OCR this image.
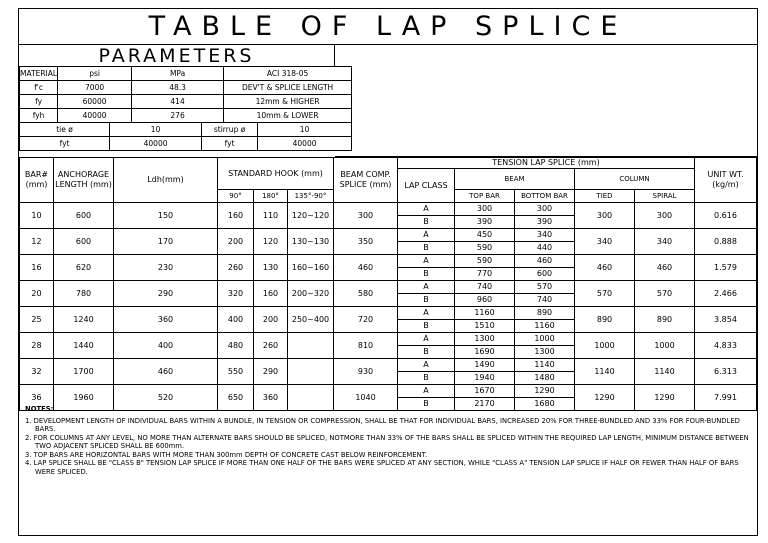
TABLE OF LAP SPLICE
PARAMETERS
MATERIAL	psi		MPa		ACI 318-05	
f'c	7000		48.3		DEV'T & SPLICE LENGTH	
fy	60000		414		12mm & HIGHER	
fyh	40000		276		10mm & LOWER	
tie ø		10		stirrup ø		10
fyt		40000		fyt		40000
BAR# (mm)	ANCHORAGE LENGTH (mm)	Ldh(mm)	STANDARD HOOK (mm)			BEAM COMP. SPLICE (mm)	TENSION LAP SPLICE (mm)					UNIT WT. (kg/m)
							LAP CLASS	BEAM		COLUMN		
			90°	180°	135°-90°			TOP BAR	BOTTOM BAR	TIED	SPIRAL	
10	600	150	160	110	120~120	300	A	300	300	300	300	0.616
							B	390	390			
12	600	170	200	120	130~130	350	A	450	340	340	340	0.888
							B	590	440			
16	620	230	260	130	160~160	460	A	590	460	460	460	1.579
							B	770	600			
20	780	290	320	160	200~320	580	A	740	570	570	570	2.466
							B	960	740			
25	1240	360	400	200	250~400	720	A	1160	890	890	890	3.854
							B	1510	1160			
28	1440	400	480	260		810	A	1300	1000	1000	1000	4.833
							B	1690	1300			
32	1700	460	550	290		930	A	1490	1140	1140	1140	6.313
							B	1940	1480			
36	1960	520	650	360		1040	A	1670	1290	1290	1290	7.991
							B	2170	1680			
NOTES:
1. DEVELOPMENT LENGTH OF INDIVIDUAL BARS WITHIN A BUNDLE, IN TENSION OR COMPRESSION, SHALL BE THAT FOR INDIVIDUAL BARS, INCREASED 20% FOR THREE-BUNDLED AND 33% FOR FOUR-BUNDLED BARS.
2. FOR COLUMNS AT ANY LEVEL, NO MORE THAN ALTERNATE BARS SHOULD BE SPLICED, NOTMORE THAN 33% OF THE BARS SHALL BE SPLICED WITHIN THE REQUIRED LAP LENGTH, MINIMUM DISTANCE BETWEEN TWO ADJACENT SPLICED SHALL BE 600mm.
3. TOP BARS ARE HORIZONTAL BARS WITH MORE THAN 300mm DEPTH OF CONCRETE CAST BELOW REINFORCEMENT.
4. LAP SPLICE SHALL BE "CLASS B" TENSION LAP SPLICE IF MORE THAN ONE HALF OF THE BARS WERE SPLICED AT ANY SECTION, WHILE "CLASS A" TENSION LAP SPLICE IF HALF OR FEWER THAN HALF OF BARS WERE SPLICED.
